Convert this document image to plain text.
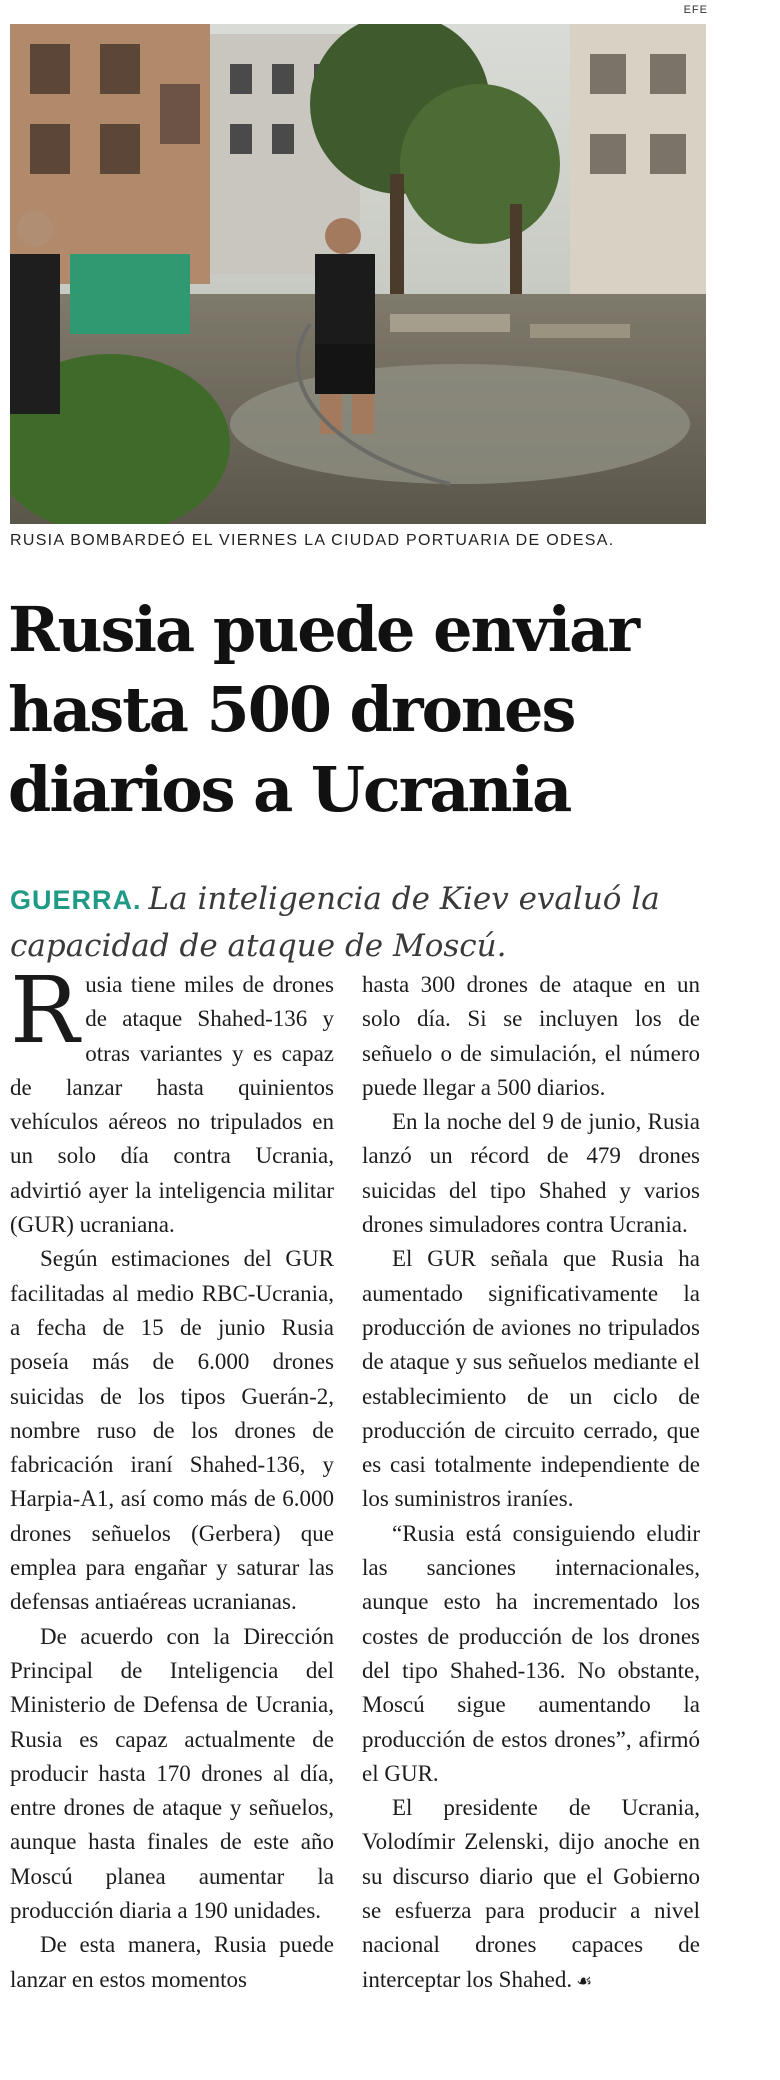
EFE
RUSIA BOMBARDEÓ EL VIERNES LA CIUDAD PORTUARIA DE ODESA.
Rusia puede enviar hasta 500 drones diarios a Ucrania
GUERRA. La inteligencia de Kiev evaluó la capacidad de ataque de Moscú.

Rusia tiene miles de drones de ataque Shahed-136 y otras variantes y es capaz de lanzar hasta quinientos vehículos aéreos no tripulados en un solo día contra Ucrania, advirtió ayer la inteligencia militar (GUR) ucraniana.

Según estimaciones del GUR facilitadas al medio RBC-Ucrania, a fecha de 15 de junio Rusia poseía más de 6.000 drones suicidas de los tipos Guerán-2, nombre ruso de los drones de fabricación iraní Shahed-136, y Harpia-A1, así como más de 6.000 drones señuelos (Gerbera) que emplea para engañar y saturar las defensas antiaéreas ucranianas.

De acuerdo con la Dirección Principal de Inteligencia del Ministerio de Defensa de Ucrania, Rusia es capaz actualmente de producir hasta 170 drones al día, entre drones de ataque y señuelos, aunque hasta finales de este año Moscú planea aumentar la producción diaria a 190 unidades.

De esta manera, Rusia puede lanzar en estos momentos

hasta 300 drones de ataque en un solo día. Si se incluyen los de señuelo o de simulación, el número puede llegar a 500 diarios.

En la noche del 9 de junio, Rusia lanzó un récord de 479 drones suicidas del tipo Shahed y varios drones simuladores contra Ucrania.

El GUR señala que Rusia ha aumentado significativamente la producción de aviones no tripulados de ataque y sus señuelos mediante el establecimiento de un ciclo de producción de circuito cerrado, que es casi totalmente independiente de los suministros iraníes.

“Rusia está consiguiendo eludir las sanciones internacionales, aunque esto ha incrementado los costes de producción de los drones del tipo Shahed-136. No obstante, Moscú sigue aumentando la producción de estos drones”, afirmó el GUR.

El presidente de Ucrania, Volodímir Zelenski, dijo anoche en su discurso diario que el Gobierno se esfuerza para producir a nivel nacional drones capaces de interceptar los Shahed. ☙
